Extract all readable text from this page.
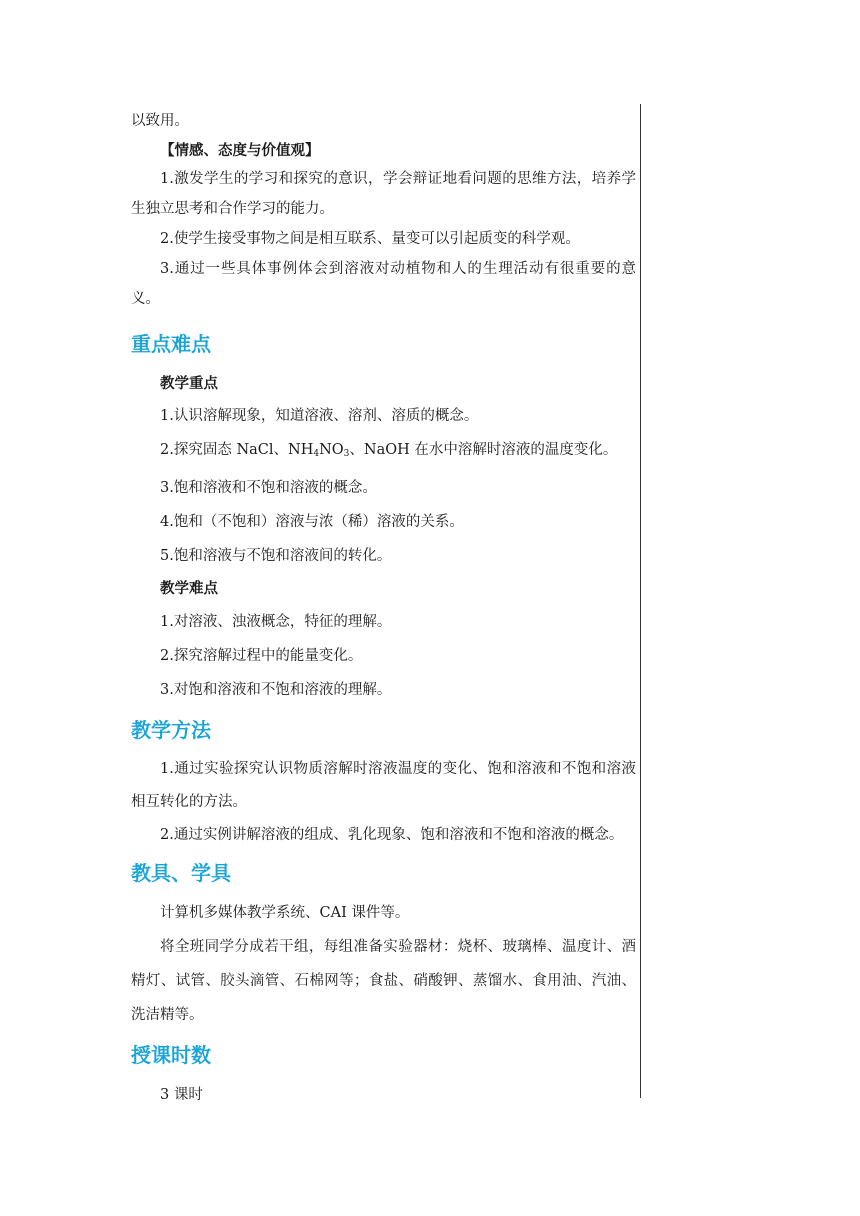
以致用。

【情感、态度与价值观】

1.激发学生的学习和探究的意识，学会辩证地看问题的思维方法，培养学生独立思考和合作学习的能力。

2.使学生接受事物之间是相互联系、量变可以引起质变的科学观。

3.通过一些具体事例体会到溶液对动植物和人的生理活动有很重要的意义。

重点难点

教学重点

1.认识溶解现象，知道溶液、溶剂、溶质的概念。

2.探究固态 NaCl、$NH_4NO_3$、NaOH 在水中溶解时溶液的温度变化。

3.饱和溶液和不饱和溶液的概念。

4.饱和（不饱和）溶液与浓（稀）溶液的关系。

5.饱和溶液与不饱和溶液间的转化。

教学难点

1.对溶液、浊液概念，特征的理解。

2.探究溶解过程中的能量变化。

3.对饱和溶液和不饱和溶液的理解。

教学方法

1.通过实验探究认识物质溶解时溶液温度的变化、饱和溶液和不饱和溶液相互转化的方法。

2.通过实例讲解溶液的组成、乳化现象、饱和溶液和不饱和溶液的概念。

教具、学具

计算机多媒体教学系统、CAI 课件等。

将全班同学分成若干组，每组准备实验器材：烧杯、玻璃棒、温度计、酒精灯、试管、胶头滴管、石棉网等；食盐、硝酸钾、蒸馏水、食用油、汽油、洗洁精等。

授课时数

3 课时
